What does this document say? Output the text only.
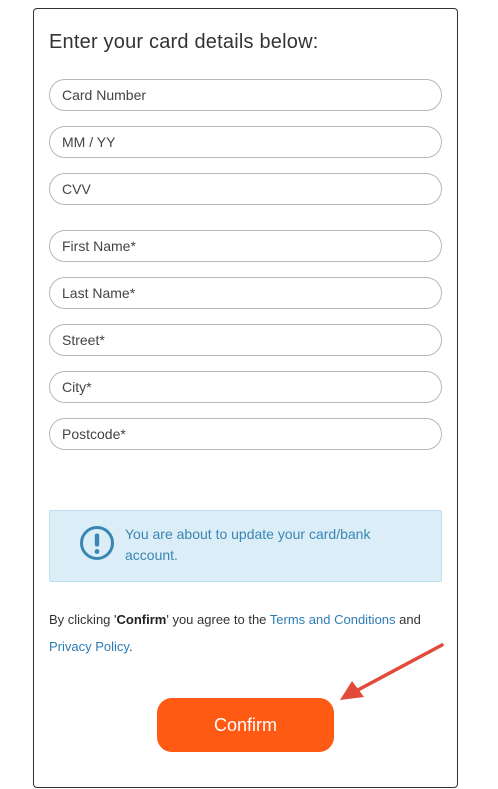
Enter your card details below:
Card Number
MM / YY
CVV
First Name*
Last Name*
Street*
City*
Postcode*
You are about to update your card/bank account.
By clicking 'Confirm' you agree to the Terms and Conditions and
Privacy Policy.
Confirm
